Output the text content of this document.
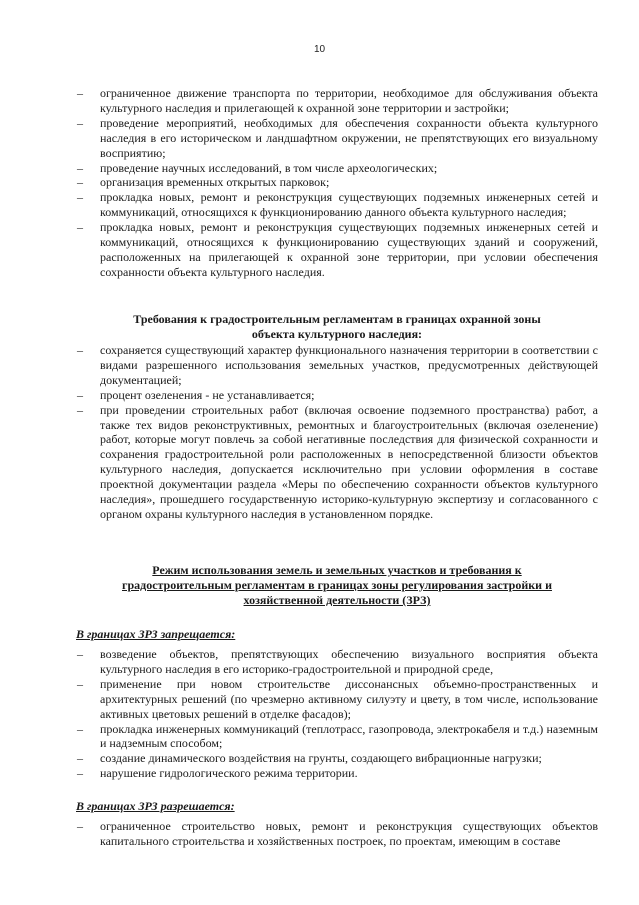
10
– ограниченное движение транспорта по территории, необходимое для обслуживания объекта культурного наследия и прилегающей к охранной зоне территории и застройки;
– проведение мероприятий, необходимых для обеспечения сохранности объекта культурного наследия в его историческом и ландшафтном окружении, не препятствующих его визуальному восприятию;
– проведение научных исследований, в том числе археологических;
– организация временных открытых парковок;
– прокладка новых, ремонт и реконструкция существующих подземных инженерных сетей и коммуникаций, относящихся к функционированию данного объекта культурного наследия;
– прокладка новых, ремонт и реконструкция существующих подземных инженерных сетей и коммуникаций, относящихся к функционированию существующих зданий и сооружений, расположенных на прилегающей к охранной зоне территории, при условии обеспечения сохранности объекта культурного наследия.
Требования к градостроительным регламентам в границах охранной зоны объекта культурного наследия:
– сохраняется существующий характер функционального назначения территории в соответствии с видами разрешенного использования земельных участков, предусмотренных действующей документацией;
– процент озеленения - не устанавливается;
– при проведении строительных работ (включая освоение подземного пространства) работ, а также тех видов реконструктивных, ремонтных и благоустроительных (включая озеленение) работ, которые могут повлечь за собой негативные последствия для физической сохранности и сохранения градостроительной роли расположенных в непосредственной близости объектов культурного наследия, допускается исключительно при условии оформления в составе проектной документации раздела «Меры по обеспечению сохранности объектов культурного наследия», прошедшего государственную историко-культурную экспертизу и согласованного с органом охраны культурного наследия в установленном порядке.
Режим использования земель и земельных участков и требования к градостроительным регламентам в границах зоны регулирования застройки и хозяйственной деятельности (ЗРЗ)
В границах ЗРЗ запрещается:
– возведение объектов, препятствующих обеспечению визуального восприятия объекта культурного наследия в его историко-градостроительной и природной среде,
– применение при новом строительстве диссонансных объемно-пространственных и архитектурных решений (по чрезмерно активному силуэту и цвету, в том числе, использование активных цветовых решений в отделке фасадов);
– прокладка инженерных коммуникаций (теплотрасс, газопровода, электрокабеля и т.д.) наземным и надземным способом;
– создание динамического воздействия на грунты, создающего вибрационные нагрузки;
– нарушение гидрологического режима территории.
В границах ЗРЗ разрешается:
– ограниченное строительство новых, ремонт и реконструкция существующих объектов капитального строительства и хозяйственных построек, по проектам, имеющим в составе
